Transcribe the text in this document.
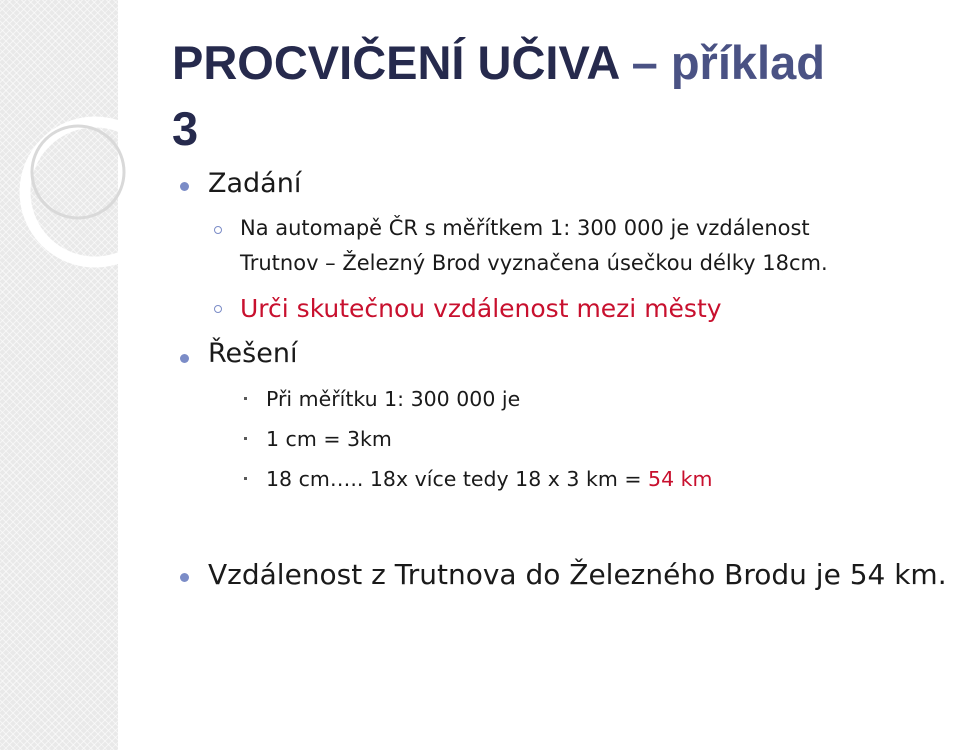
PROCVIČENÍ UČIVA – příklad
3

Zadání

Na automapě ČR s měřítkem 1: 300 000 je vzdálenost

Trutnov – Železný Brod vyznačena úsečkou délky 18cm.

Urči skutečnou vzdálenost mezi městy

Řešení

Při měřítku 1: 300 000 je

1 cm = 3km

18 cm….. 18x více tedy 18 x 3 km = 54 km

Vzdálenost z Trutnova do Železného Brodu je 54 km.
